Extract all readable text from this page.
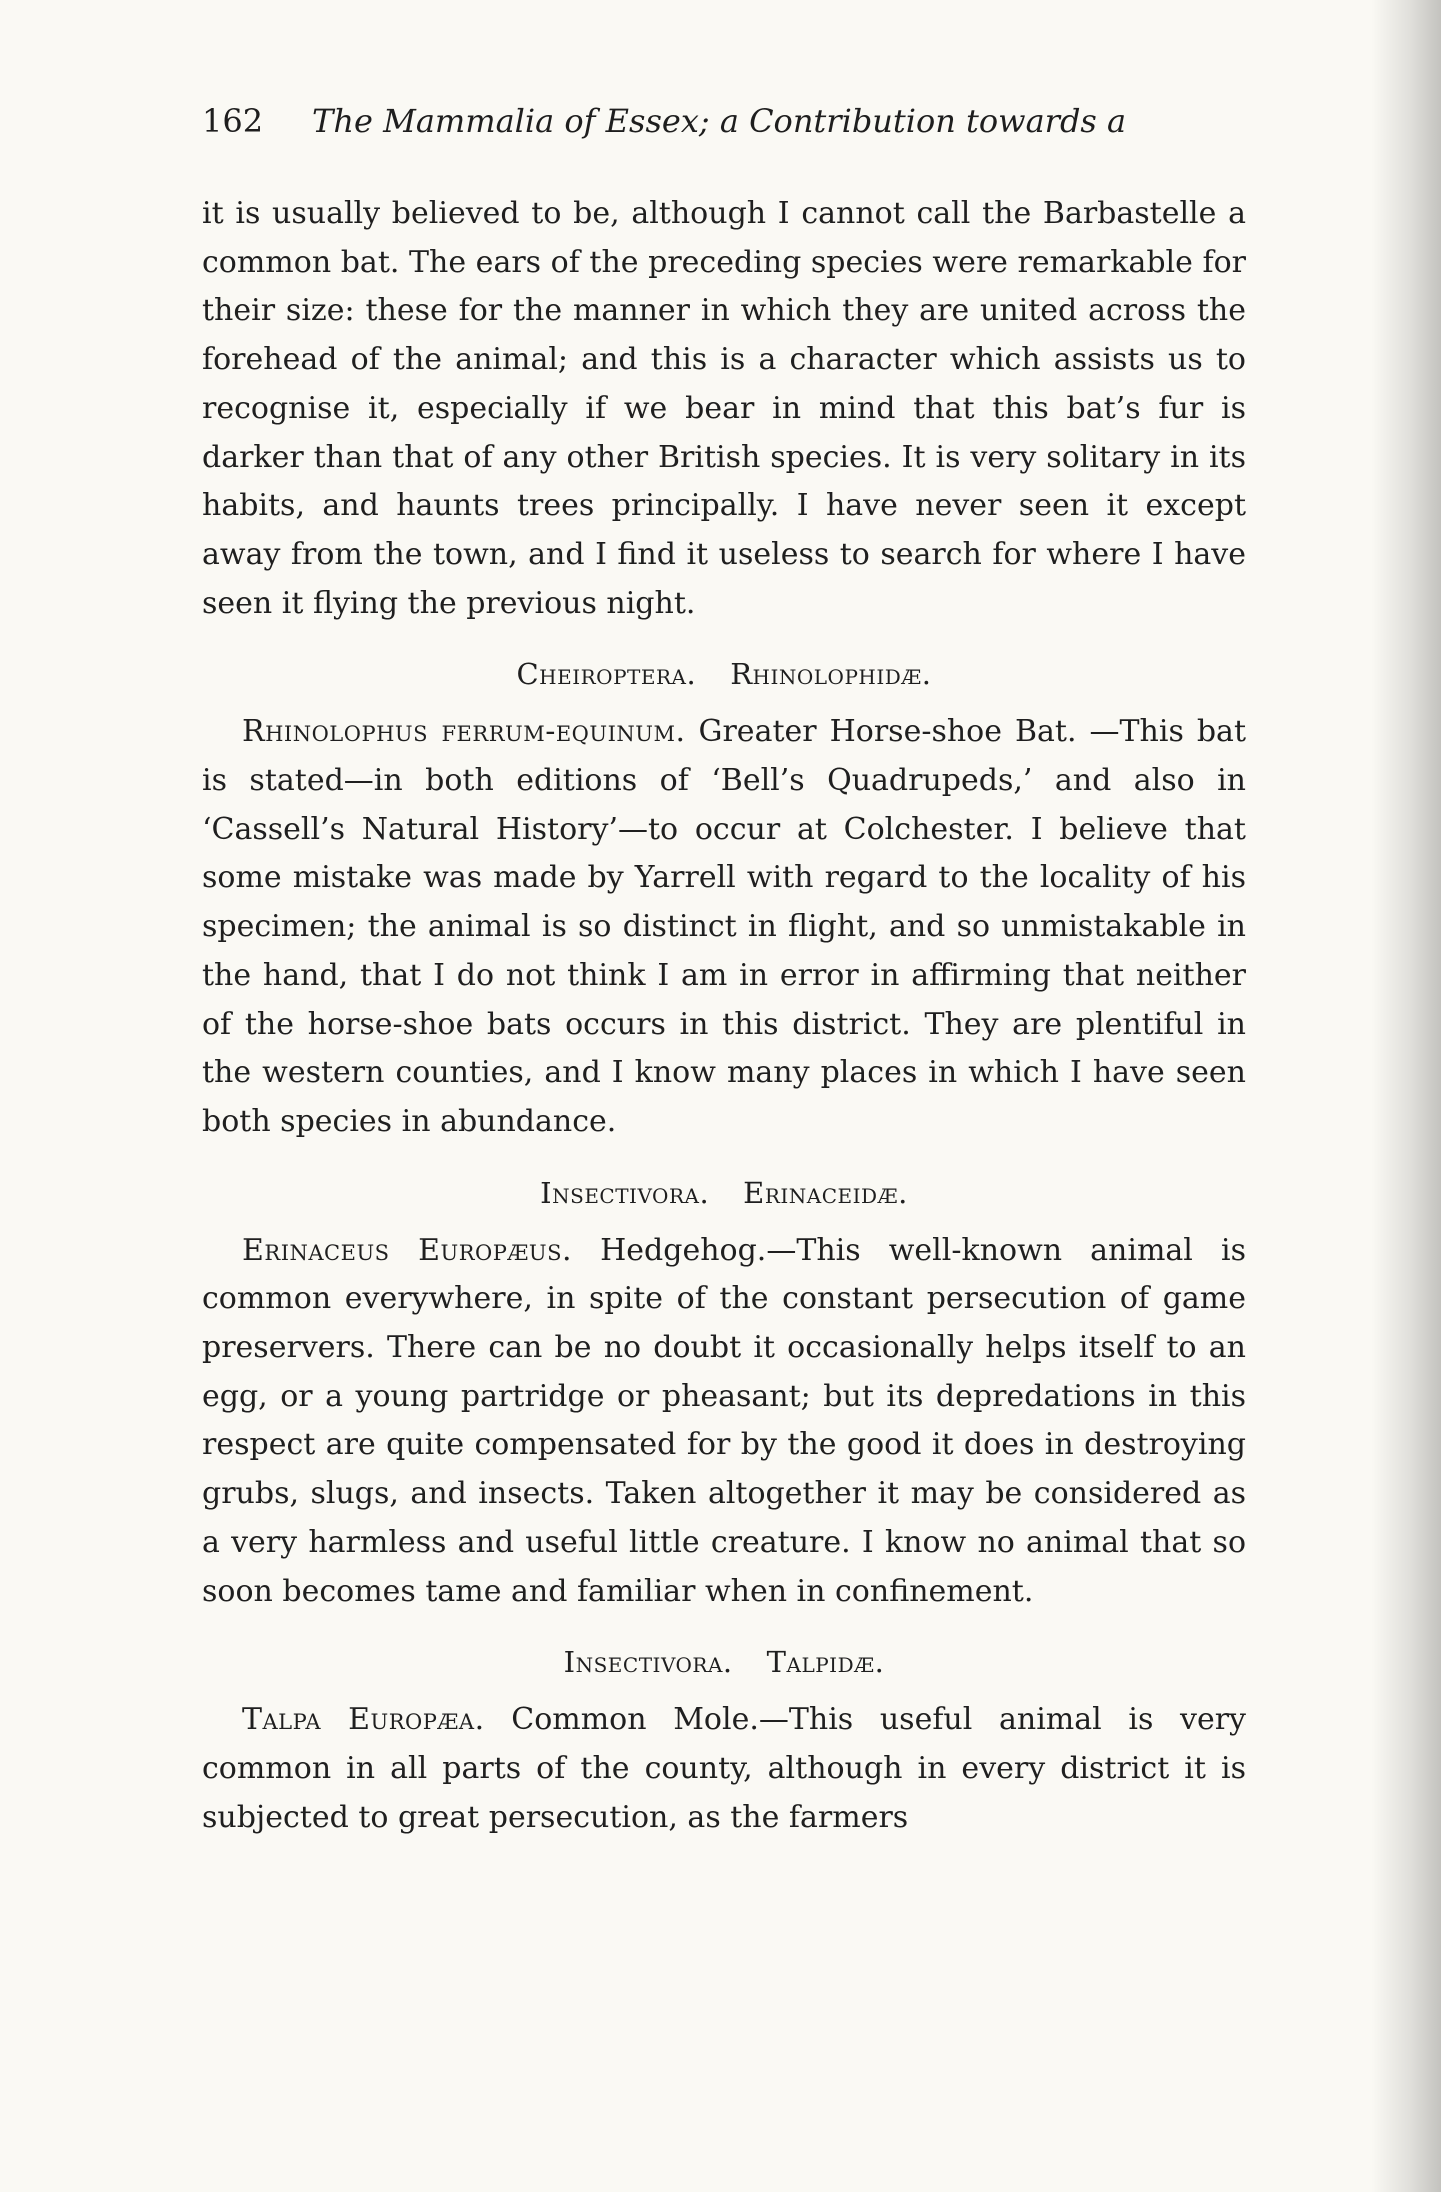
162 The Mammalia of Essex; a Contribution towards a

it is usually believed to be, although I cannot call the Barbastelle a common bat. The ears of the preceding species were remarkable for their size: these for the manner in which they are united across the forehead of the animal; and this is a character which assists us to recognise it, especially if we bear in mind that this bat’s fur is darker than that of any other British species. It is very solitary in its habits, and haunts trees principally. I have never seen it except away from the town, and I find it useless to search for where I have seen it flying the previous night.

Cheiroptera. Rhinolophidæ.

Rhinolophus ferrum-equinum. Greater Horse-shoe Bat. —This bat is stated—in both editions of ‘Bell’s Quadrupeds,’ and also in ‘Cassell’s Natural History’—to occur at Colchester. I believe that some mistake was made by Yarrell with regard to the locality of his specimen; the animal is so distinct in flight, and so unmistakable in the hand, that I do not think I am in error in affirming that neither of the horse-shoe bats occurs in this district. They are plentiful in the western counties, and I know many places in which I have seen both species in abundance.

Insectivora. Erinaceidæ.

Erinaceus Europæus. Hedgehog.—This well-known animal is common everywhere, in spite of the constant persecution of game preservers. There can be no doubt it occasionally helps itself to an egg, or a young partridge or pheasant; but its depredations in this respect are quite compensated for by the good it does in destroying grubs, slugs, and insects. Taken altogether it may be considered as a very harmless and useful little creature. I know no animal that so soon becomes tame and familiar when in confinement.

Insectivora. Talpidæ.

Talpa Europæa. Common Mole.—This useful animal is very common in all parts of the county, although in every district it is subjected to great persecution, as the farmers
